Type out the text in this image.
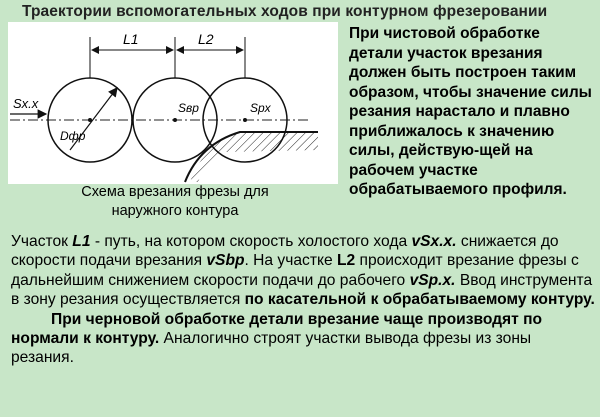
Траектории вспомогательных ходов при контурном фрезеровании
L1	L2
Sx.x
Dфр
Sвр	Spx
Схема врезания фрезы для
наружного контура
При чистовой обработке детали участок врезания должен быть построен таким образом, чтобы значение силы резания нарастало и плавно приближалось к значению силы, действую-щей на рабочем участке обрабатываемого профиля.

Участок L1 - путь, на котором скорость холостого хода vSx.x. снижается до скорости подачи врезания vSbp. На участке L2 происходит врезание фрезы с дальнейшим снижением скорости подачи до рабочего vSp.x. Ввод инструмента в зону резания осуществляется по касательной к обрабатываемому контуру.

При черновой обработке детали врезание чаще производят по нормали к контуру. Аналогично строят участки вывода фрезы из зоны резания.
